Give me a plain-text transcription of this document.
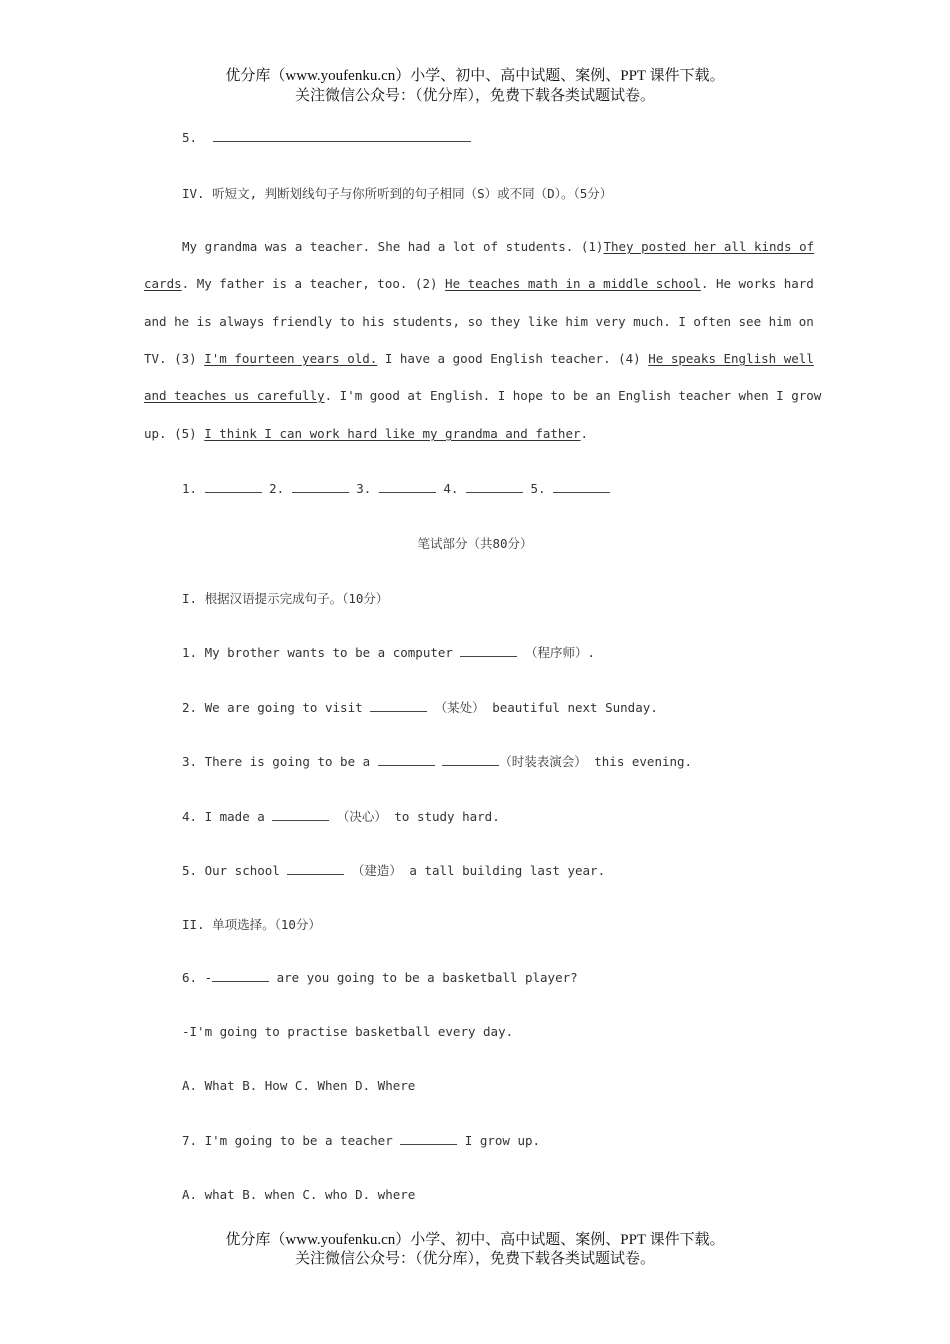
优分库（www.youfenku.cn）小学、初中、高中试题、案例、PPT 课件下载。
关注微信公众号：（优分库），免费下载各类试题试卷。
5.
IV. 听短文, 判断划线句子与你所听到的句子相同（S）或不同（D）。（5分）
My grandma was a teacher. She had a lot of students. (1)They posted her all kinds of
cards. My father is a teacher, too. (2) He teaches math in a middle school. He works hard
and he is always friendly to his students, so they like him very much. I often see him on
TV. (3) I'm fourteen years old. I have a good English teacher. (4) He speaks English well
and teaches us carefully. I'm good at English. I hope to be an English teacher when I grow
up. (5) I think I can work hard like my grandma and father.
1.	2.	3.	4.	5.
笔试部分（共80分）
I. 根据汉语提示完成句子。（10分）
1. My brother wants to be a computer	（程序师）.
2. We are going to visit	（某处） beautiful next Sunday.
3. There is going to be a	（时装表演会） this evening.
4. I made a	（决心） to study hard.
5. Our school	（建造） a tall building last year.
II. 单项选择。（10分）
6. -	are you going to be a basketball player?
-I'm going to practise basketball every day.
A. What B. How C. When D. Where
7. I'm going to be a teacher	I grow up.
A. what B. when C. who D. where
优分库（www.youfenku.cn）小学、初中、高中试题、案例、PPT 课件下载。
关注微信公众号：（优分库），免费下载各类试题试卷。
